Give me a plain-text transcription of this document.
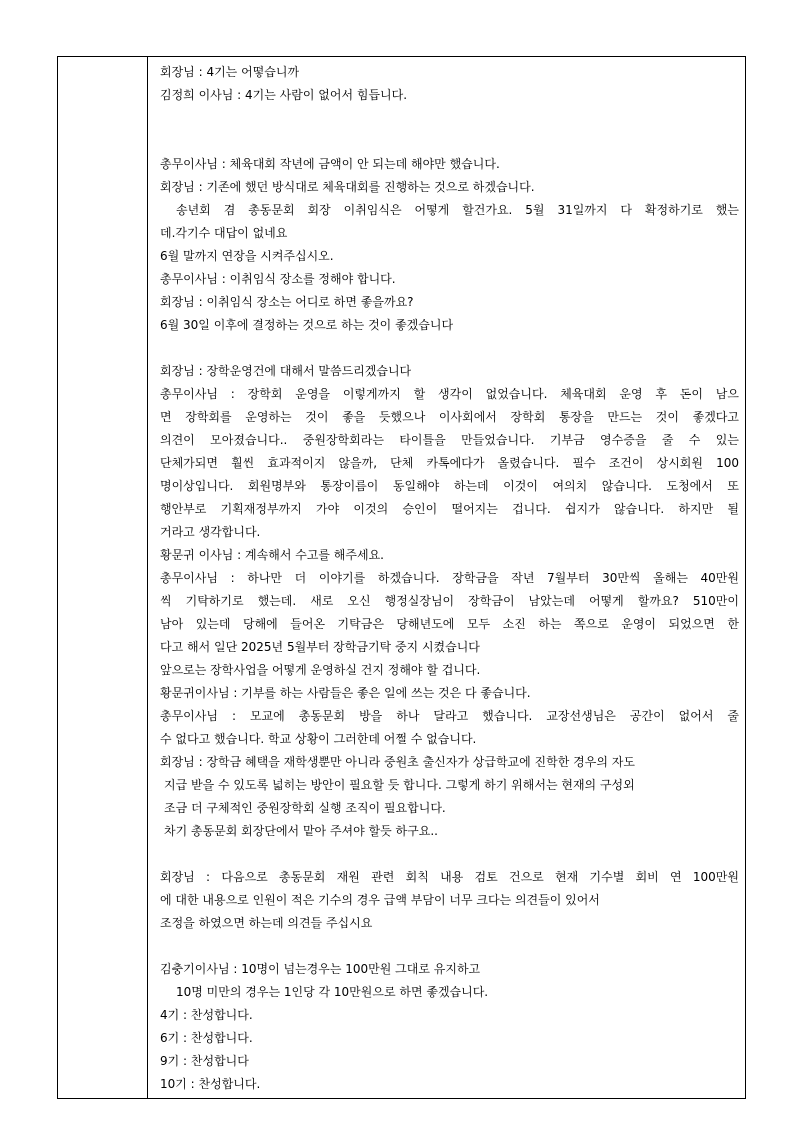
회장님 : 4기는 어떻습니까
김정희 이사님 : 4기는 사람이 없어서 힘듭니다.
총무이사님 : 체육대회 작년에 금액이 안 되는데 해야만 했습니다.
회장님 : 기존에 했던 방식대로 체육대회를 진행하는 것으로 하겠습니다.
송년회 겸 총동문회 회장 이취임식은 어떻게 할건가요. 5월 31일까지 다 확정하기로 했는
데.각기수 대답이 없네요
6월 말까지 연장을 시켜주십시오.
총무이사님 : 이취임식 장소를 정해야 합니다.
회장님 : 이취임식 장소는 어디로 하면 좋을까요?
6월 30일 이후에 결정하는 것으로 하는 것이 좋겠습니다
회장님 : 장학운영건에 대해서 말씀드리겠습니다
총무이사님 : 장학회 운영을 이렇게까지 할 생각이 없었습니다. 체육대회 운영 후 돈이 남으
면 장학회를 운영하는 것이 좋을 듯했으나 이사회에서 장학회 통장을 만드는 것이 좋겠다고
의견이 모아졌습니다.. 중원장학회라는 타이틀을 만들었습니다. 기부금 영수증을 줄 수 있는
단체가되면 훨씬 효과적이지 않을까, 단체 카톡에다가 올렸습니다. 필수 조건이 상시회원 100
명이상입니다. 회원명부와 통장이름이 동일해야 하는데 이것이 여의치 않습니다. 도청에서 또
행안부로 기획재정부까지 가야 이것의 승인이 떨어지는 겁니다. 쉽지가 않습니다. 하지만 될
거라고 생각합니다.
황문귀 이사님 : 계속해서 수고를 해주세요.
총무이사님 : 하나만 더 이야기를 하겠습니다. 장학금을 작년 7월부터 30만씩 올해는 40만원
씩 기탁하기로 했는데. 새로 오신 행정실장님이 장학금이 남았는데 어떻게 할까요? 510만이
남아 있는데 당해에 들어온 기탁금은 당해년도에 모두 소진 하는 쪽으로 운영이 되었으면 한
다고 해서 일단 2025년 5월부터 장학금기탁 중지 시켰습니다
앞으로는 장학사업을 어떻게 운영하실 건지 정해야 할 겁니다.
황문귀이사님 : 기부를 하는 사람들은 좋은 일에 쓰는 것은 다 좋습니다.
총무이사님 : 모교에 총동문회 방을 하나 달라고 했습니다. 교장선생님은 공간이 없어서 줄
수 없다고 했습니다. 학교 상황이 그러한데 어쩔 수 없습니다.
회장님 : 장학금 혜택을 재학생뿐만 아니라 중원초 출신자가 상급학교에 진학한 경우의 자도
지급 받을 수 있도록 넓히는 방안이 필요할 듯 합니다. 그렇게 하기 위해서는 현재의 구성외
조금 더 구체적인 중원장학회 실행 조직이 필요합니다.
차기 총동문회 회장단에서 맡아 주셔야 할듯 하구요..
회장님 : 다음으로 총동문회 재원 관련 회칙 내용 검토 건으로 현재 기수별 회비 연 100만원
에 대한 내용으로 인원이 적은 기수의 경우 급액 부담이 너무 크다는 의견들이 있어서
조정을 하였으면 하는데 의견들 주십시요
김충기이사님 : 10명이 넘는경우는 100만원 그대로 유지하고
10명 미만의 경우는 1인당 각 10만원으로 하면 좋겠습니다.
4기 : 찬성합니다.
6기 : 찬성합니다.
9기 : 찬성합니다
10기 : 찬성합니다.
